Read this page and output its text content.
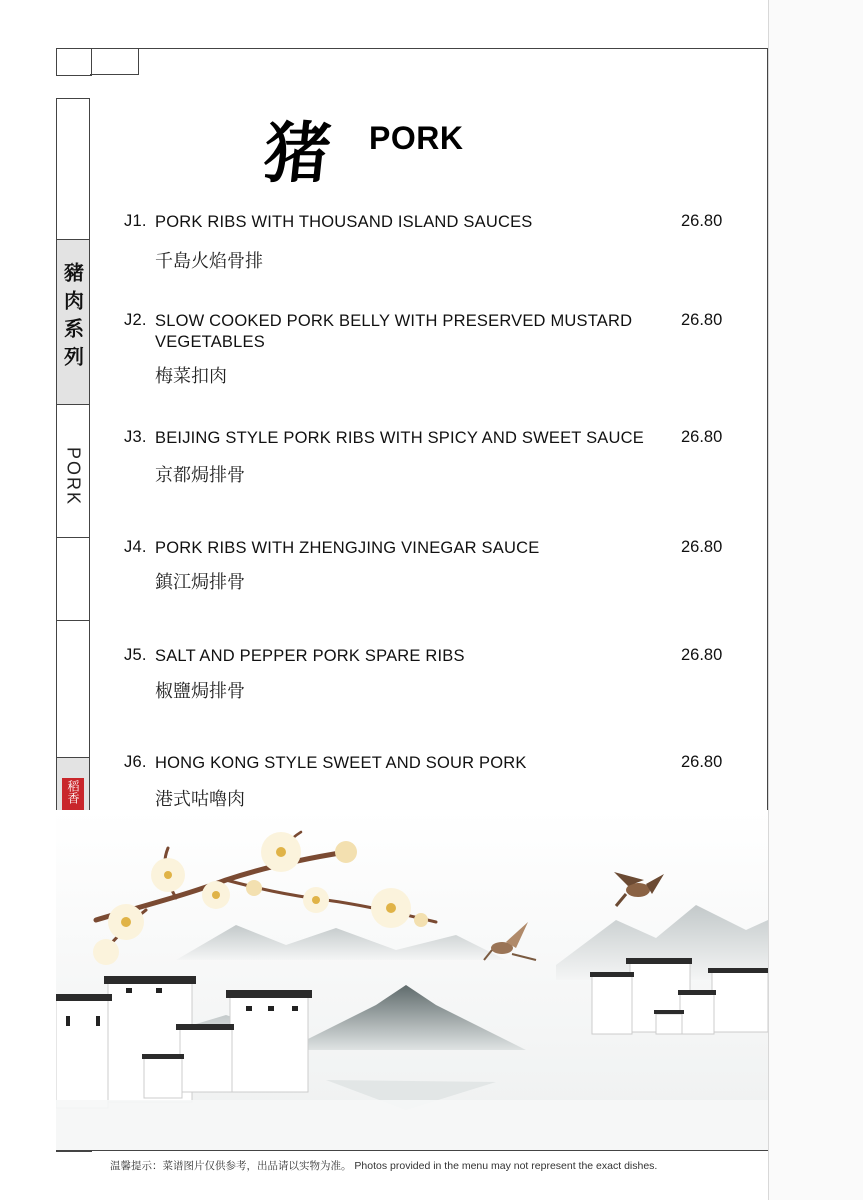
豬肉系列
PORK
稻香
猪 PORK
J1. PORK RIBS WITH THOUSAND ISLAND SAUCES	26.80
千島火焰骨排
J2. SLOW COOKED PORK BELLY WITH PRESERVED MUSTARD VEGETABLES
26.80
梅菜扣肉
J3. BEIJING STYLE PORK RIBS WITH SPICY AND SWEET SAUCE	26.80
京都焗排骨
J4. PORK RIBS WITH ZHENGJING VINEGAR SAUCE	26.80
鎮江焗排骨
J5. SALT AND PEPPER PORK SPARE RIBS	26.80
椒鹽焗排骨
J6. HONG KONG STYLE SWEET AND SOUR PORK	26.80
港式咕嚕肉
温馨提示：菜谱图片仅供参考，出品请以实物为准。 Photos provided in the menu may not represent the exact dishes.
